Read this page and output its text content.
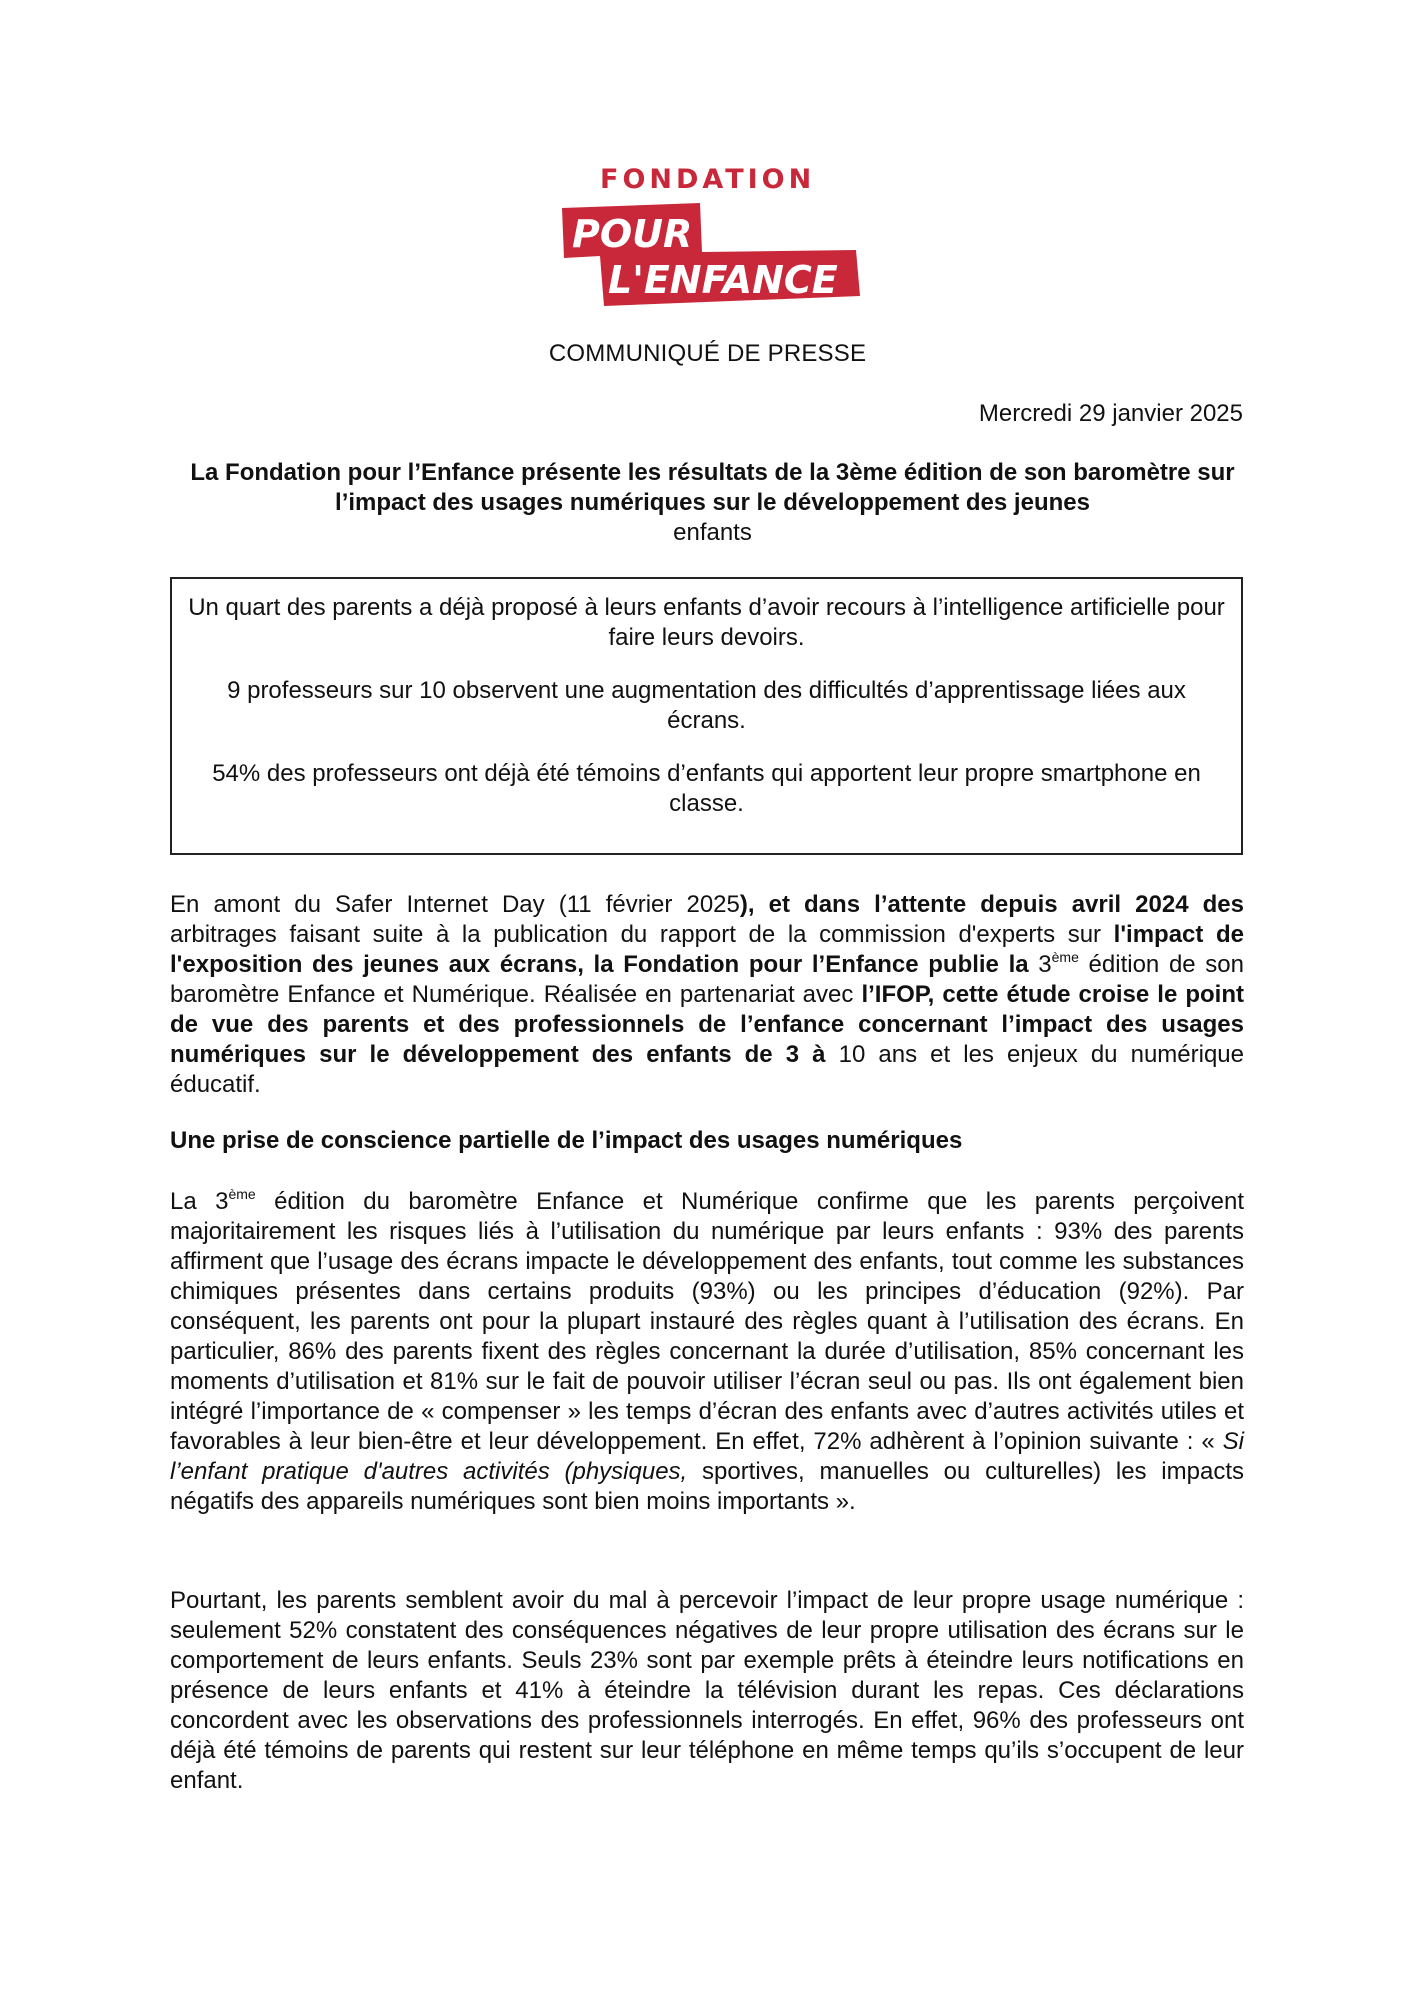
FONDATION
POUR
L'ENFANCE
COMMUNIQUÉ DE PRESSE
Mercredi 29 janvier 2025
La Fondation pour l’Enfance présente les résultats de la 3ème édition de son baromètre sur l’impact des usages numériques sur le développement des jeunes
enfants

Un quart des parents a déjà proposé à leurs enfants d’avoir recours à l’intelligence artificielle pour faire leurs devoirs.

9 professeurs sur 10 observent une augmentation des difficultés d’apprentissage liées aux écrans.

54% des professeurs ont déjà été témoins d’enfants qui apportent leur propre smartphone en classe.

En amont du Safer Internet Day (11 février 2025), et dans l’attente depuis avril 2024 des arbitrages faisant suite à la publication du rapport de la commission d'experts sur l'impact de l'exposition des jeunes aux écrans, la Fondation pour l’Enfance publie la 3ème édition de son baromètre Enfance et Numérique. Réalisée en partenariat avec l’IFOP, cette étude croise le point de vue des parents et des professionnels de l’enfance concernant l’impact des usages numériques sur le développement des enfants de 3 à 10 ans et les enjeux du numérique éducatif.
Une prise de conscience partielle de l’impact des usages numériques
La 3ème édition du baromètre Enfance et Numérique confirme que les parents perçoivent majoritairement les risques liés à l’utilisation du numérique par leurs enfants : 93% des parents affirment que l’usage des écrans impacte le développement des enfants, tout comme les substances chimiques présentes dans certains produits (93%) ou les principes d’éducation (92%). Par conséquent, les parents ont pour la plupart instauré des règles quant à l’utilisation des écrans. En particulier, 86% des parents fixent des règles concernant la durée d’utilisation, 85% concernant les moments d’utilisation et 81% sur le fait de pouvoir utiliser l’écran seul ou pas. Ils ont également bien intégré l’importance de « compenser » les temps d’écran des enfants avec d’autres activités utiles et favorables à leur bien-être et leur développement. En effet, 72% adhèrent à l’opinion suivante : « Si l’enfant pratique d'autres activités (physiques, sportives, manuelles ou culturelles) les impacts négatifs des appareils numériques sont bien moins importants ».
Pourtant, les parents semblent avoir du mal à percevoir l’impact de leur propre usage numérique : seulement 52% constatent des conséquences négatives de leur propre utilisation des écrans sur le comportement de leurs enfants. Seuls 23% sont par exemple prêts à éteindre leurs notifications en présence de leurs enfants et 41% à éteindre la télévision durant les repas. Ces déclarations concordent avec les observations des professionnels interrogés. En effet, 96% des professeurs ont déjà été témoins de parents qui restent sur leur téléphone en même temps qu’ils s’occupent de leur enfant.
